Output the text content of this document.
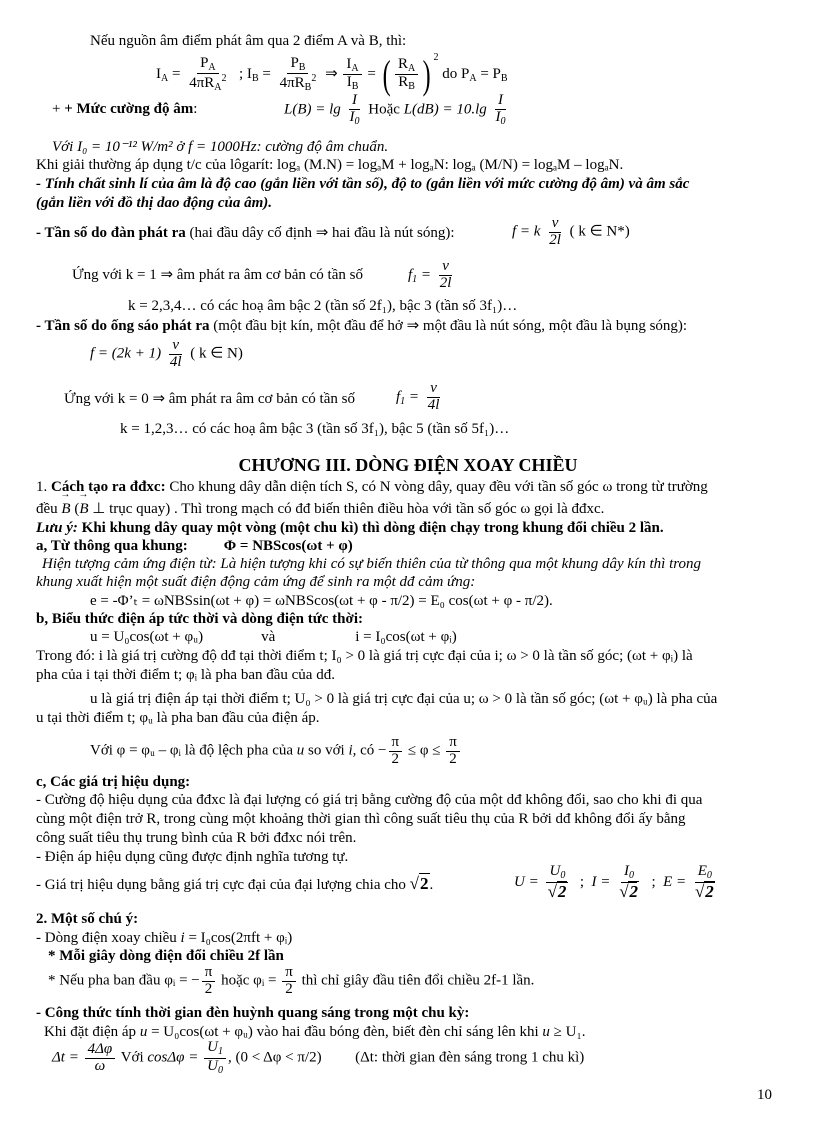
Nếu nguồn âm điểm phát âm qua 2 điểm A và B, thì:
$I_A = \frac{P_A}{4\pi R_A^2}$ ; $I_B = \frac{P_B}{4\pi R_B^2}$ ⇒ $\frac{I_A}{I_B}$ = ( $\frac{R_A}{R_B}$ ) $^2$ do $P_A = P_B$
+ + Mức cường độ âm:	$L(B) = \lg \frac{I}{I_0}$ Hoặc $L(dB) = 10.\lg \frac{I}{I_0}$
Với I₀ = 10⁻¹² W/m² ở f = 1000Hz: cường độ âm chuẩn.
Khi giải thường áp dụng t/c của lôgarít: logₐ (M.N) = logₐM + logₐN: logₐ (M/N) = logₐM – logₐN.
- Tính chất sinh lí của âm là độ cao (gắn liền với tần số), độ to (gắn liền với mức cường độ âm) và âm sắc
(gắn liền với đồ thị dao động của âm).
- Tần số do đàn phát ra (hai đầu dây cố định ⇒ hai đầu là nút sóng):	f = k $\frac{v}{2l}$ ( k ∈ N*)
Ứng với k = 1 ⇒ âm phát ra âm cơ bản có tần số	$f_1 = \frac{v}{2l}$
k = 2,3,4… có các hoạ âm bậc 2 (tần số 2f₁), bậc 3 (tần số 3f₁)…
- Tần số do ống sáo phát ra (một đầu bịt kín, một đầu để hở ⇒ một đầu là nút sóng, một đầu là bụng sóng):
$f = (2k + 1) \frac{v}{4l}$ ( k ∈ N)
Ứng với k = 0 ⇒ âm phát ra âm cơ bản có tần số	$f_1 = \frac{v}{4l}$
k = 1,2,3… có các hoạ âm bậc 3 (tần số 3f₁), bậc 5 (tần số 5f₁)…
CHƯƠNG III. DÒNG ĐIỆN XOAY CHIỀU
1. Cách tạo ra đđxc: Cho khung dây dẫn diện tích S, có N vòng dây, quay đều với tần số góc ω trong từ trường
đều → B (→ B ⊥ trục quay) . Thì trong mạch có đđ biến thiên điều hòa với tần số góc ω gọi là đđxc.
Lưu ý: Khi khung dây quay một vòng (một chu kì) thì dòng điện chạy trong khung đổi chiều 2 lần.
a, Từ thông qua khung: Φ = NBScos(ωt + φ)
Hiện tượng cảm ứng điện từ: Là hiện tượng khi có sự biến thiên của từ thông qua một khung dây kín thì trong
khung xuất hiện một suất điện động cảm ứng để sinh ra một dđ cảm ứng:
e = -Φ’ₜ = ωNBSsin(ωt + φ) = ωNBScos(ωt + φ - π/2) = E₀ cos(ωt + φ - π/2).
b, Biểu thức điện áp tức thời và dòng điện tức thời:
u = U₀cos(ωt + φᵤ)	và	i = I₀cos(ωt + φᵢ)
Trong đó: i là giá trị cường độ dđ tại thời điểm t; I₀ > 0 là giá trị cực đại của i; ω > 0 là tần số góc; (ωt + φᵢ) là
pha của i tại thời điểm t; φᵢ là pha ban đầu của dđ.
u là giá trị điện áp tại thời điểm t; U₀ > 0 là giá trị cực đại của u; ω > 0 là tần số góc; (ωt + φᵤ) là pha của
u tại thời điểm t; φᵤ là pha ban đầu của điện áp.
Với φ = φᵤ – φᵢ là độ lệch pha của u so với i, có − $\frac{\pi}{2} \le \varphi \le \frac{\pi}{2}$
c, Các giá trị hiệu dụng:
- Cường độ hiệu dụng của đđxc là đại lượng có giá trị bằng cường độ của một dđ không đổi, sao cho khi đi qua
cùng một điện trở R, trong cùng một khoảng thời gian thì công suất tiêu thụ của R bởi dđ không đổi ấy bằng
công suất tiêu thụ trung bình của R bởi đđxc nói trên.
- Điện áp hiệu dụng cũng được định nghĩa tương tự.
- Giá trị hiệu dụng bằng giá trị cực đại của đại lượng chia cho √2.	$U = \frac{U_0}{√2}$ ;  $I = \frac{I_0}{√2}$ ;  $E = \frac{E_0}{√2}$
2. Một số chú ý:
- Dòng điện xoay chiều i = I₀cos(2πft + φᵢ)
* Mỗi giây dòng điện đổi chiều 2f lần
* Nếu pha ban đầu φᵢ = − $\frac{\pi}{2}$ hoặc φᵢ = $\frac{\pi}{2}$ thì chỉ giây đầu tiên đổi chiều 2f-1 lần.
- Công thức tính thời gian đèn huỳnh quang sáng trong một chu kỳ:
Khi đặt điện áp u = U₀cos(ωt + φᵤ) vào hai đầu bóng đèn, biết đèn chỉ sáng lên khi u ≥ U₁.
$\Delta t = \frac{4\Delta\varphi}{\omega}$ Với $\cos\Delta\varphi = \frac{U_1}{U_0}$ , (0 < Δφ < π/2) (Δt: thời gian đèn sáng trong 1 chu kì)
10
